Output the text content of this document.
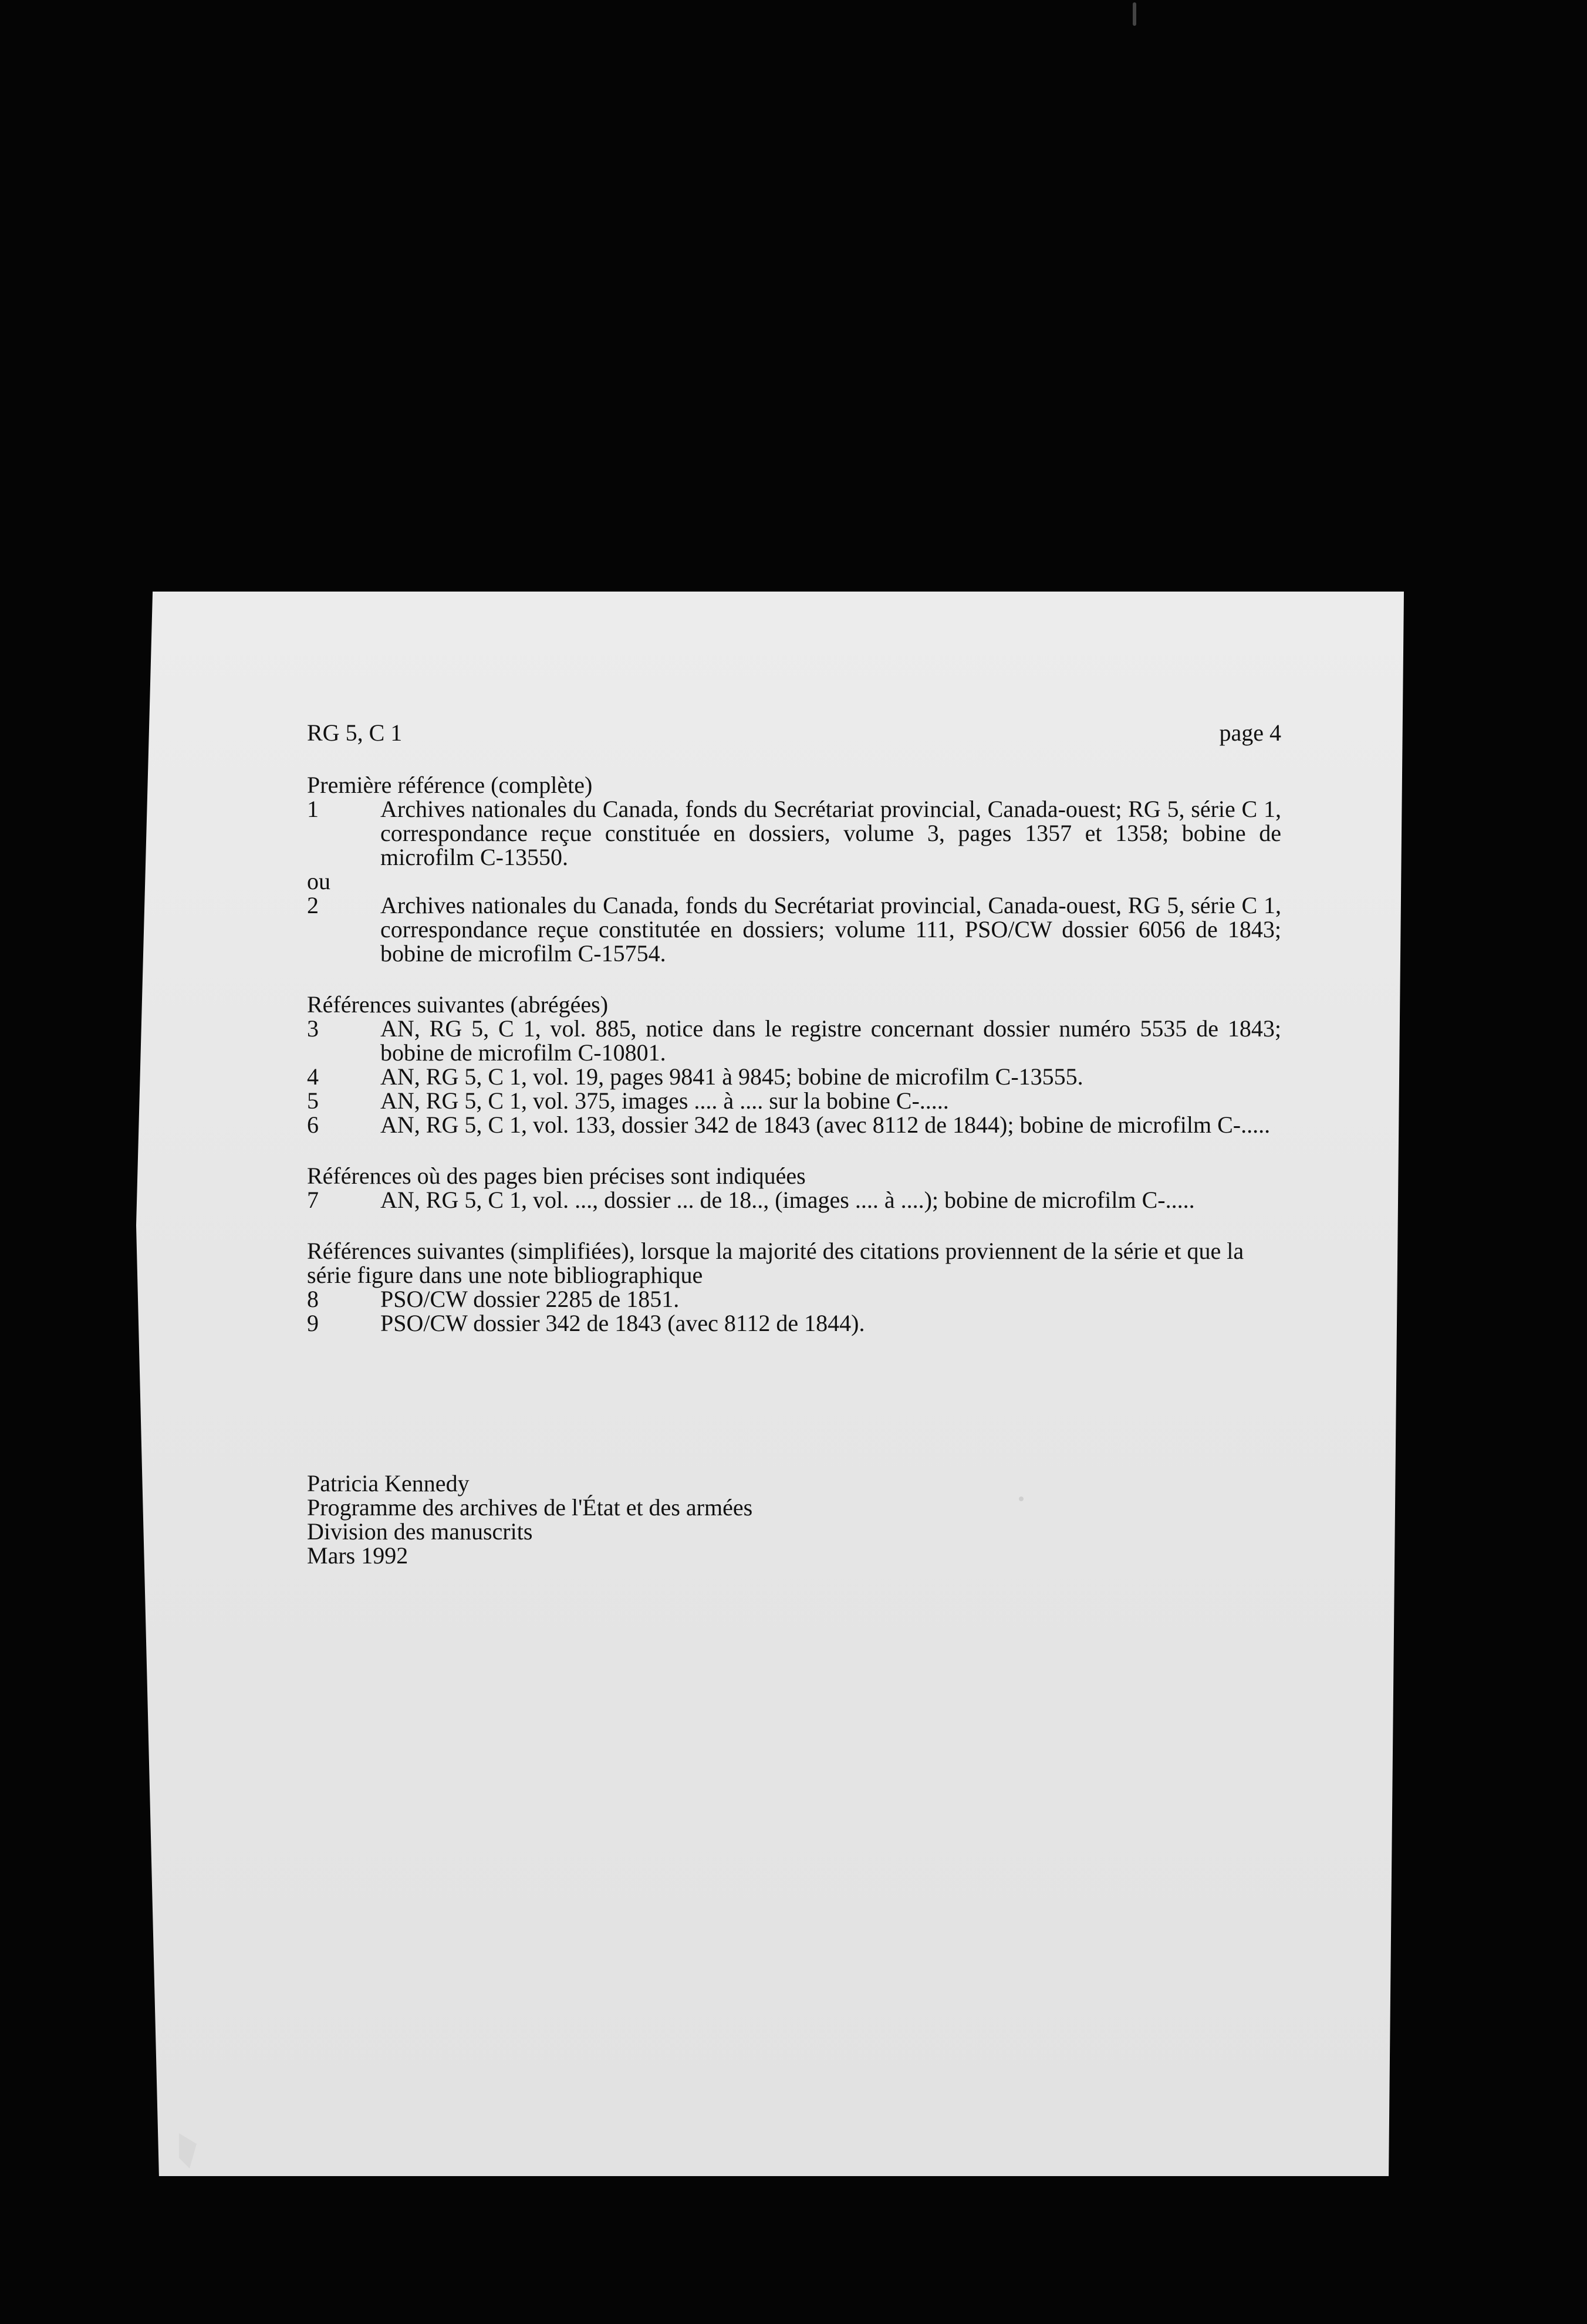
RG 5, C 1	page 4
Première référence (complète)
1	Archives nationales du Canada, fonds du Secrétariat provincial, Canada-ouest; RG 5, série C 1, correspondance reçue constituée en dossiers, volume 3, pages 1357 et 1358; bobine de microfilm C-13550.
ou
2	Archives nationales du Canada, fonds du Secrétariat provincial, Canada-ouest, RG 5, série C 1, correspondance reçue constitutée en dossiers; volume 111, PSO/CW dossier 6056 de 1843; bobine de microfilm C-15754.
Références suivantes (abrégées)
3	AN, RG 5, C 1, vol. 885, notice dans le registre concernant dossier numéro 5535 de 1843; bobine de microfilm C-10801.
4	AN, RG 5, C 1, vol. 19, pages 9841 à 9845; bobine de microfilm C-13555.
5	AN, RG 5, C 1, vol. 375, images .... à .... sur la bobine C-.....
6	AN, RG 5, C 1, vol. 133, dossier 342 de 1843 (avec 8112 de 1844); bobine de microfilm C-.....
Références où des pages bien précises sont indiquées
7	AN, RG 5, C 1, vol. ..., dossier ... de 18.., (images .... à ....); bobine de microfilm C-.....
Références suivantes (simplifiées), lorsque la majorité des citations proviennent de la série et que la série figure dans une note bibliographique
8	PSO/CW dossier 2285 de 1851.
9	PSO/CW dossier 342 de 1843 (avec 8112 de 1844).
Patricia Kennedy
Programme des archives de l'État et des armées
Division des manuscrits
Mars 1992
